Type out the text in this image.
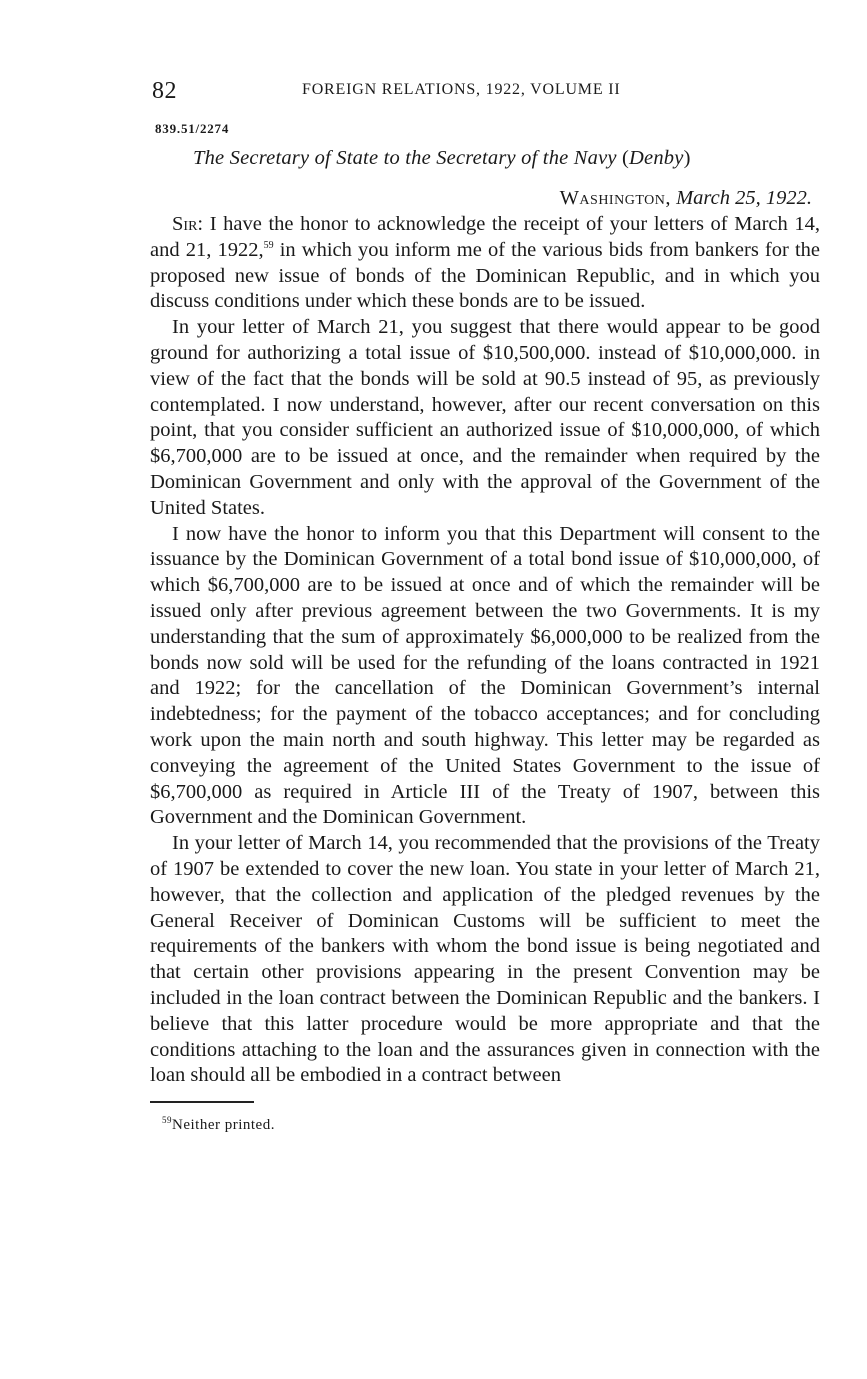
82	FOREIGN RELATIONS, 1922, VOLUME II
839.51/2274
The Secretary of State to the Secretary of the Navy (Denby)
Washington, March 25, 1922.

Sir: I have the honor to acknowledge the receipt of your letters of March 14, and 21, 1922,59 in which you inform me of the various bids from bankers for the proposed new issue of bonds of the Dominican Republic, and in which you discuss conditions under which these bonds are to be issued.

In your letter of March 21, you suggest that there would appear to be good ground for authorizing a total issue of $10,500,000. instead of $10,000,000. in view of the fact that the bonds will be sold at 90.5 instead of 95, as previously contemplated. I now understand, however, after our recent conversation on this point, that you consider sufficient an authorized issue of $10,000,000, of which $6,700,000 are to be issued at once, and the remainder when required by the Dominican Government and only with the approval of the Government of the United States.

I now have the honor to inform you that this Department will consent to the issuance by the Dominican Government of a total bond issue of $10,000,000, of which $6,700,000 are to be issued at once and of which the remainder will be issued only after previous agreement between the two Governments. It is my understanding that the sum of approximately $6,000,000 to be realized from the bonds now sold will be used for the refunding of the loans contracted in 1921 and 1922; for the cancellation of the Dominican Government’s internal indebtedness; for the payment of the tobacco acceptances; and for concluding work upon the main north and south highway. This letter may be regarded as conveying the agreement of the United States Government to the issue of $6,700,000 as required in Article III of the Treaty of 1907, between this Government and the Dominican Government.

In your letter of March 14, you recommended that the provisions of the Treaty of 1907 be extended to cover the new loan. You state in your letter of March 21, however, that the collection and application of the pledged revenues by the General Receiver of Dominican Customs will be sufficient to meet the requirements of the bankers with whom the bond issue is being negotiated and that certain other provisions appearing in the present Convention may be included in the loan contract between the Dominican Republic and the bankers. I believe that this latter procedure would be more appropriate and that the conditions attaching to the loan and the assurances given in connection with the loan should all be embodied in a contract between

$^{59}$Neither printed.
